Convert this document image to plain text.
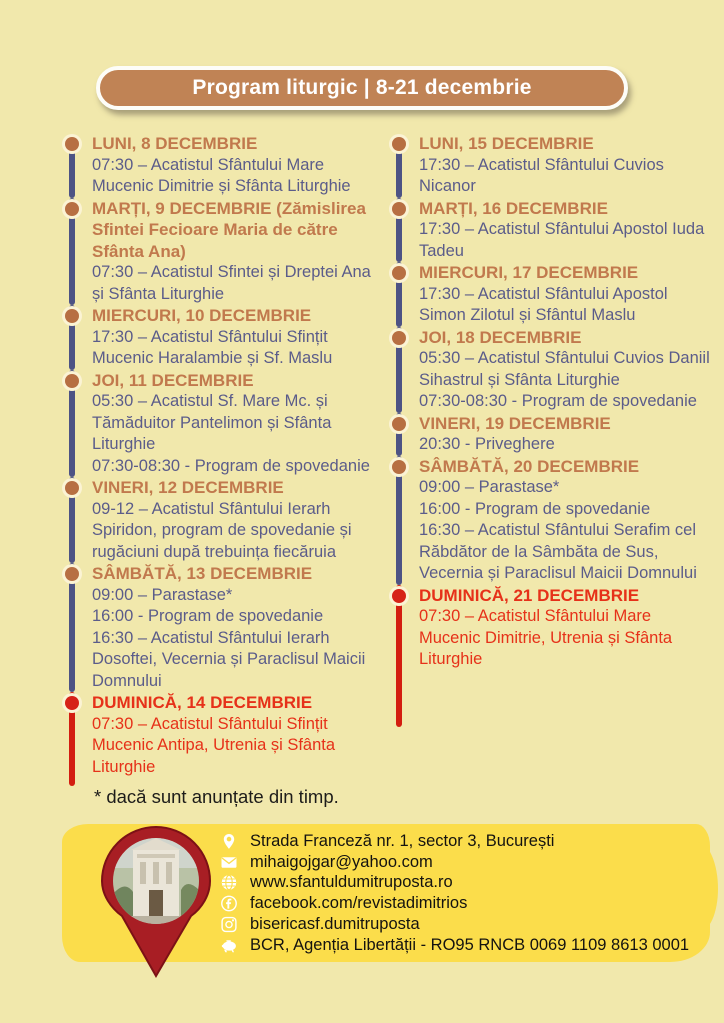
Program liturgic | 8-21 decembrie
LUNI, 8 DECEMBRIE
07:30 – Acatistul Sfântului Mare Mucenic Dimitrie și Sfânta Liturghie
MARȚI, 9 DECEMBRIE (Zămislirea Sfintei Fecioare Maria de către Sfânta Ana)
07:30 – Acatistul Sfintei și Dreptei Ana și Sfânta Liturghie
MIERCURI, 10 DECEMBRIE
17:30 – Acatistul Sfântului Sfințit Mucenic Haralambie și Sf. Maslu
JOI, 11 DECEMBRIE
05:30 – Acatistul Sf. Mare Mc. și Tămăduitor Pantelimon și Sfânta Liturghie
07:30-08:30 - Program de spovedanie
VINERI, 12 DECEMBRIE
09-12 – Acatistul Sfântului Ierarh Spiridon, program de spovedanie și rugăciuni după trebuința fiecăruia
SÂMBĂTĂ, 13 DECEMBRIE
09:00 – Parastase*
16:00 - Program de spovedanie
16:30 – Acatistul Sfântului Ierarh Dosoftei, Vecernia și Paraclisul Maicii Domnului
DUMINICĂ, 14 DECEMBRIE
07:30 – Acatistul Sfântului Sfințit Mucenic Antipa, Utrenia și Sfânta Liturghie
LUNI, 15 DECEMBRIE
17:30 – Acatistul Sfântului Cuvios Nicanor
MARȚI, 16 DECEMBRIE
17:30 – Acatistul Sfântului Apostol Iuda Tadeu
MIERCURI, 17 DECEMBRIE
17:30 – Acatistul Sfântului Apostol Simon Zilotul și Sfântul Maslu
JOI, 18 DECEMBRIE
05:30 – Acatistul Sfântului Cuvios Daniil Sihastrul și Sfânta Liturghie
07:30-08:30 - Program de spovedanie
VINERI, 19 DECEMBRIE
20:30 - Priveghere
SÂMBĂTĂ, 20 DECEMBRIE
09:00 – Parastase*
16:00 - Program de spovedanie
16:30 – Acatistul Sfântului Serafim cel Răbdător de la Sâmbăta de Sus, Vecernia și Paraclisul Maicii Domnului
DUMINICĂ, 21 DECEMBRIE
07:30 – Acatistul Sfântului Mare Mucenic Dimitrie, Utrenia și Sfânta Liturghie
* dacă sunt anunțate din timp.
Strada Franceză nr. 1, sector 3, București
mihaigojgar@yahoo.com
www.sfantuldumitruposta.ro
facebook.com/revistadimitrios
bisericasf.dumitruposta
BCR, Agenția Libertății - RO95 RNCB 0069 1109 8613 0001
